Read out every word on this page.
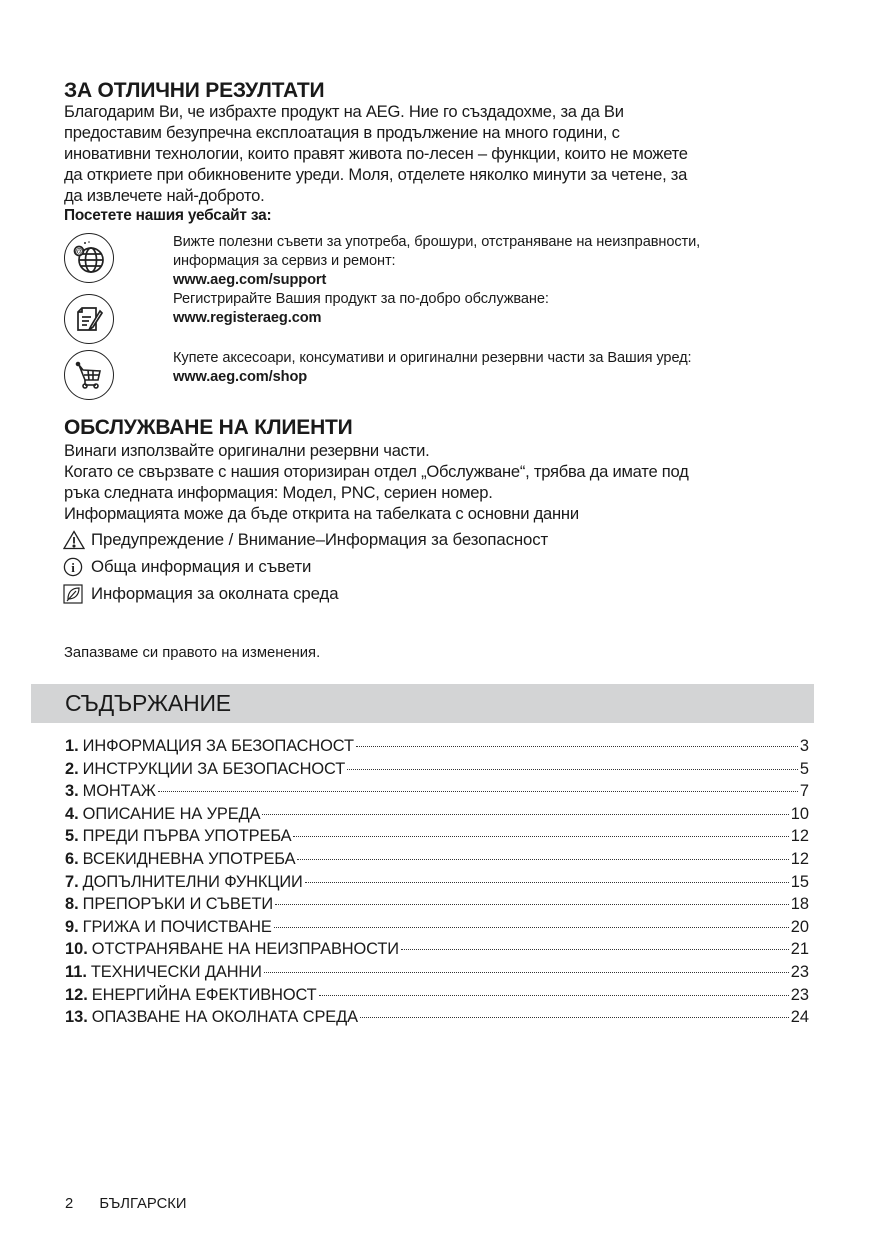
ЗА ОТЛИЧНИ РЕЗУЛТАТИ
Благодарим Ви, че избрахте продукт на AEG. Ние го създадохме, за да Ви
предоставим безупречна експлоатация в продължение на много години, с
иновативни технологии, които правят живота по-лесен – функции, които не можете
да откриете при обикновените уреди. Моля, отделете няколко минути за четене, за
да извлечете най-доброто.
Посетете нашия уебсайт за:
@
Вижте полезни съвети за употреба, брошури, отстраняване на неизправности,
информация за сервиз и ремонт:
www.aeg.com/support
Регистрирайте Вашия продукт за по-добро обслужване:
www.registeraeg.com
Купете аксесоари, консумативи и оригинални резервни части за Вашия уред:
www.aeg.com/shop
ОБСЛУЖВАНЕ НА КЛИЕНТИ
Винаги използвайте оригинални резервни части.
Когато се свързвате с нашия оторизиран отдел „Обслужване“, трябва да имате под
ръка следната информация: Модел, PNC, сериен номер.
Информацията може да бъде открита на табелката с основни данни
Предупреждение / Внимание–Информация за безопасност
i Обща информация и съвети
Информация за околната среда
Запазваме си правото на изменения.
СЪДЪРЖАНИЕ
1. ИНФОРМАЦИЯ ЗА БЕЗОПАСНОСТ	3
2. ИНСТРУКЦИИ ЗА БЕЗОПАСНОСТ	5
3. МОНТАЖ	7
4. ОПИСАНИЕ НА УРЕДА	10
5. ПРЕДИ ПЪРВА УПОТРЕБА	12
6. ВСЕКИДНЕВНА УПОТРЕБА	12
7. ДОПЪЛНИТЕЛНИ ФУНКЦИИ	15
8. ПРЕПОРЪКИ И СЪВЕТИ	18
9. ГРИЖА И ПОЧИСТВАНЕ	20
10. ОТСТРАНЯВАНЕ НА НЕИЗПРАВНОСТИ	21
11. ТЕХНИЧЕСКИ ДАННИ	23
12. ЕНЕРГИЙНА ЕФЕКТИВНОСТ	23
13. ОПАЗВАНЕ НА ОКОЛНАТА СРЕДА	24
2 БЪЛГАРСКИ
